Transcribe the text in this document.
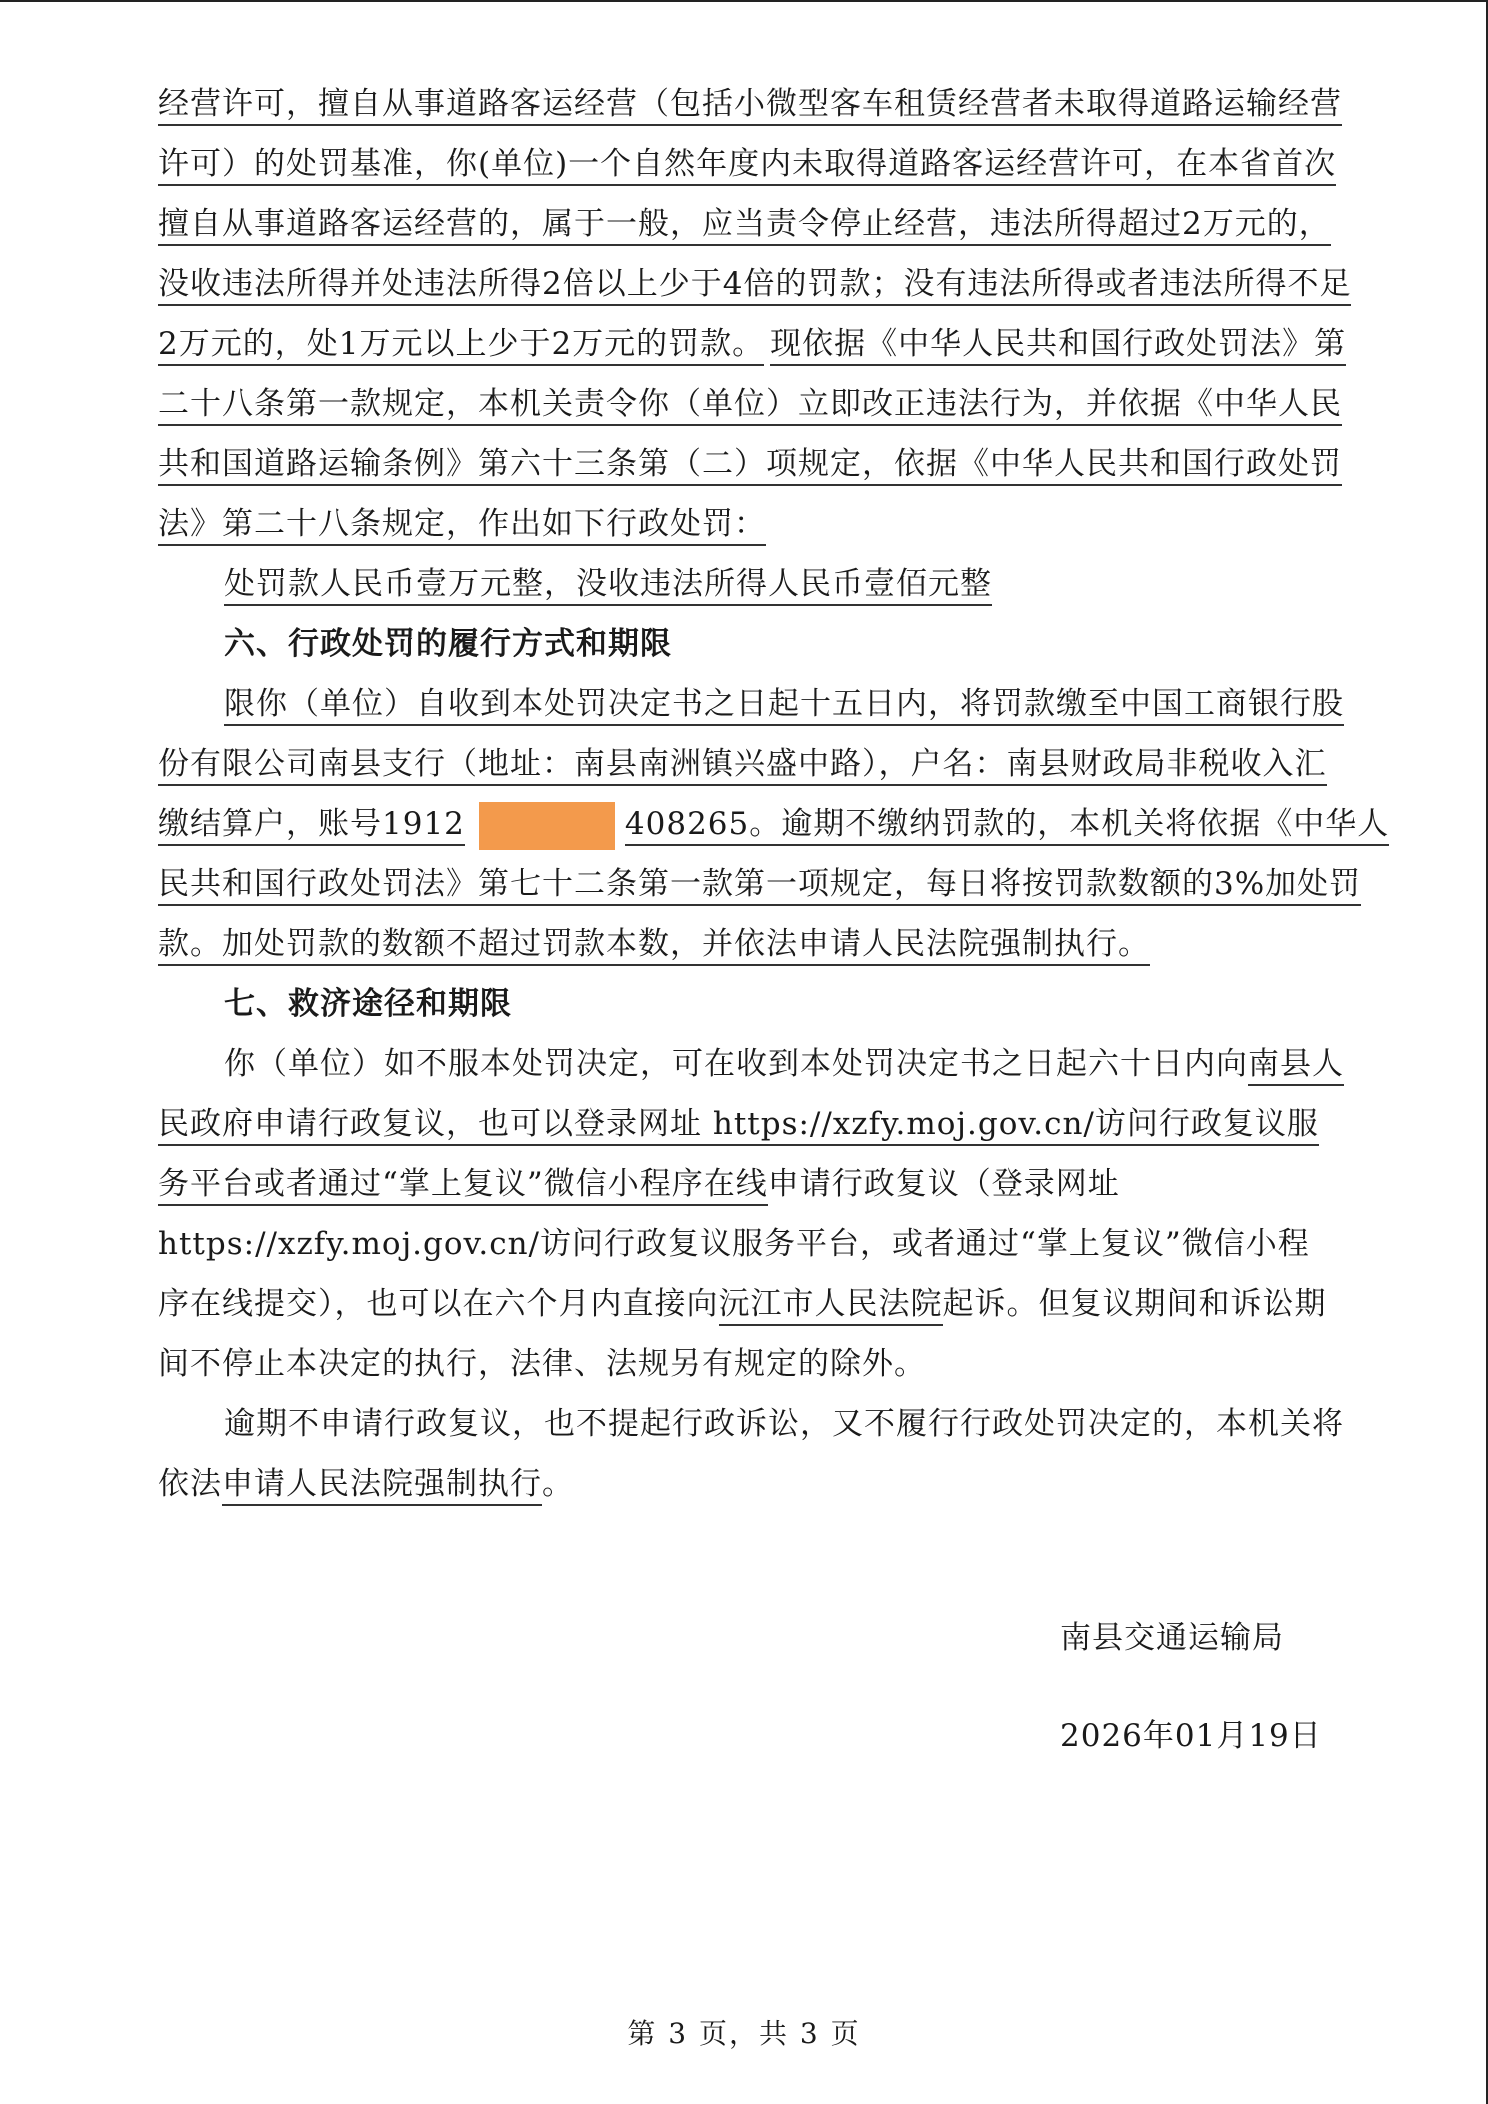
经营许可，擅自从事道路客运经营（包括小微型客车租赁经营者未取得道路运输经营
许可）的处罚基准，你(单位)一个自然年度内未取得道路客运经营许可，在本省首次
擅自从事道路客运经营的，属于一般，应当责令停止经营，违法所得超过2万元的，
没收违法所得并处违法所得2倍以上少于4倍的罚款；没有违法所得或者违法所得不足
2万元的，处1万元以上少于2万元的罚款。 现依据《中华人民共和国行政处罚法》第
二十八条第一款规定，本机关责令你（单位）立即改正违法行为，并依据《中华人民
共和国道路运输条例》第六十三条第（二）项规定，依据《中华人民共和国行政处罚
法》第二十八条规定，作出如下行政处罚：
处罚款人民币壹万元整，没收违法所得人民币壹佰元整
六、行政处罚的履行方式和期限
限你（单位）自收到本处罚决定书之日起十五日内，将罚款缴至中国工商银行股
份有限公司南县支行（地址：南县南洲镇兴盛中路），户名：南县财政局非税收入汇
缴结算户，账号1912	408265。逾期不缴纳罚款的，本机关将依据《中华人
民共和国行政处罚法》第七十二条第一款第一项规定，每日将按罚款数额的3%加处罚
款。加处罚款的数额不超过罚款本数，并依法申请人民法院强制执行。
七、救济途径和期限
你（单位）如不服本处罚决定，可在收到本处罚决定书之日起六十日内向南县人
民政府申请行政复议，也可以登录网址 https://xzfy.moj.gov.cn/访问行政复议服
务平台或者通过“掌上复议”微信小程序在线申请行政复议（登录网址
https://xzfy.moj.gov.cn/访问行政复议服务平台，或者通过“掌上复议”微信小程
序在线提交），也可以在六个月内直接向沅江市人民法院起诉。但复议期间和诉讼期
间不停止本决定的执行，法律、法规另有规定的除外。
逾期不申请行政复议，也不提起行政诉讼，又不履行行政处罚决定的，本机关将
依法申请人民法院强制执行。
南县交通运输局
2026年01月19日
第 3 页，共 3 页
